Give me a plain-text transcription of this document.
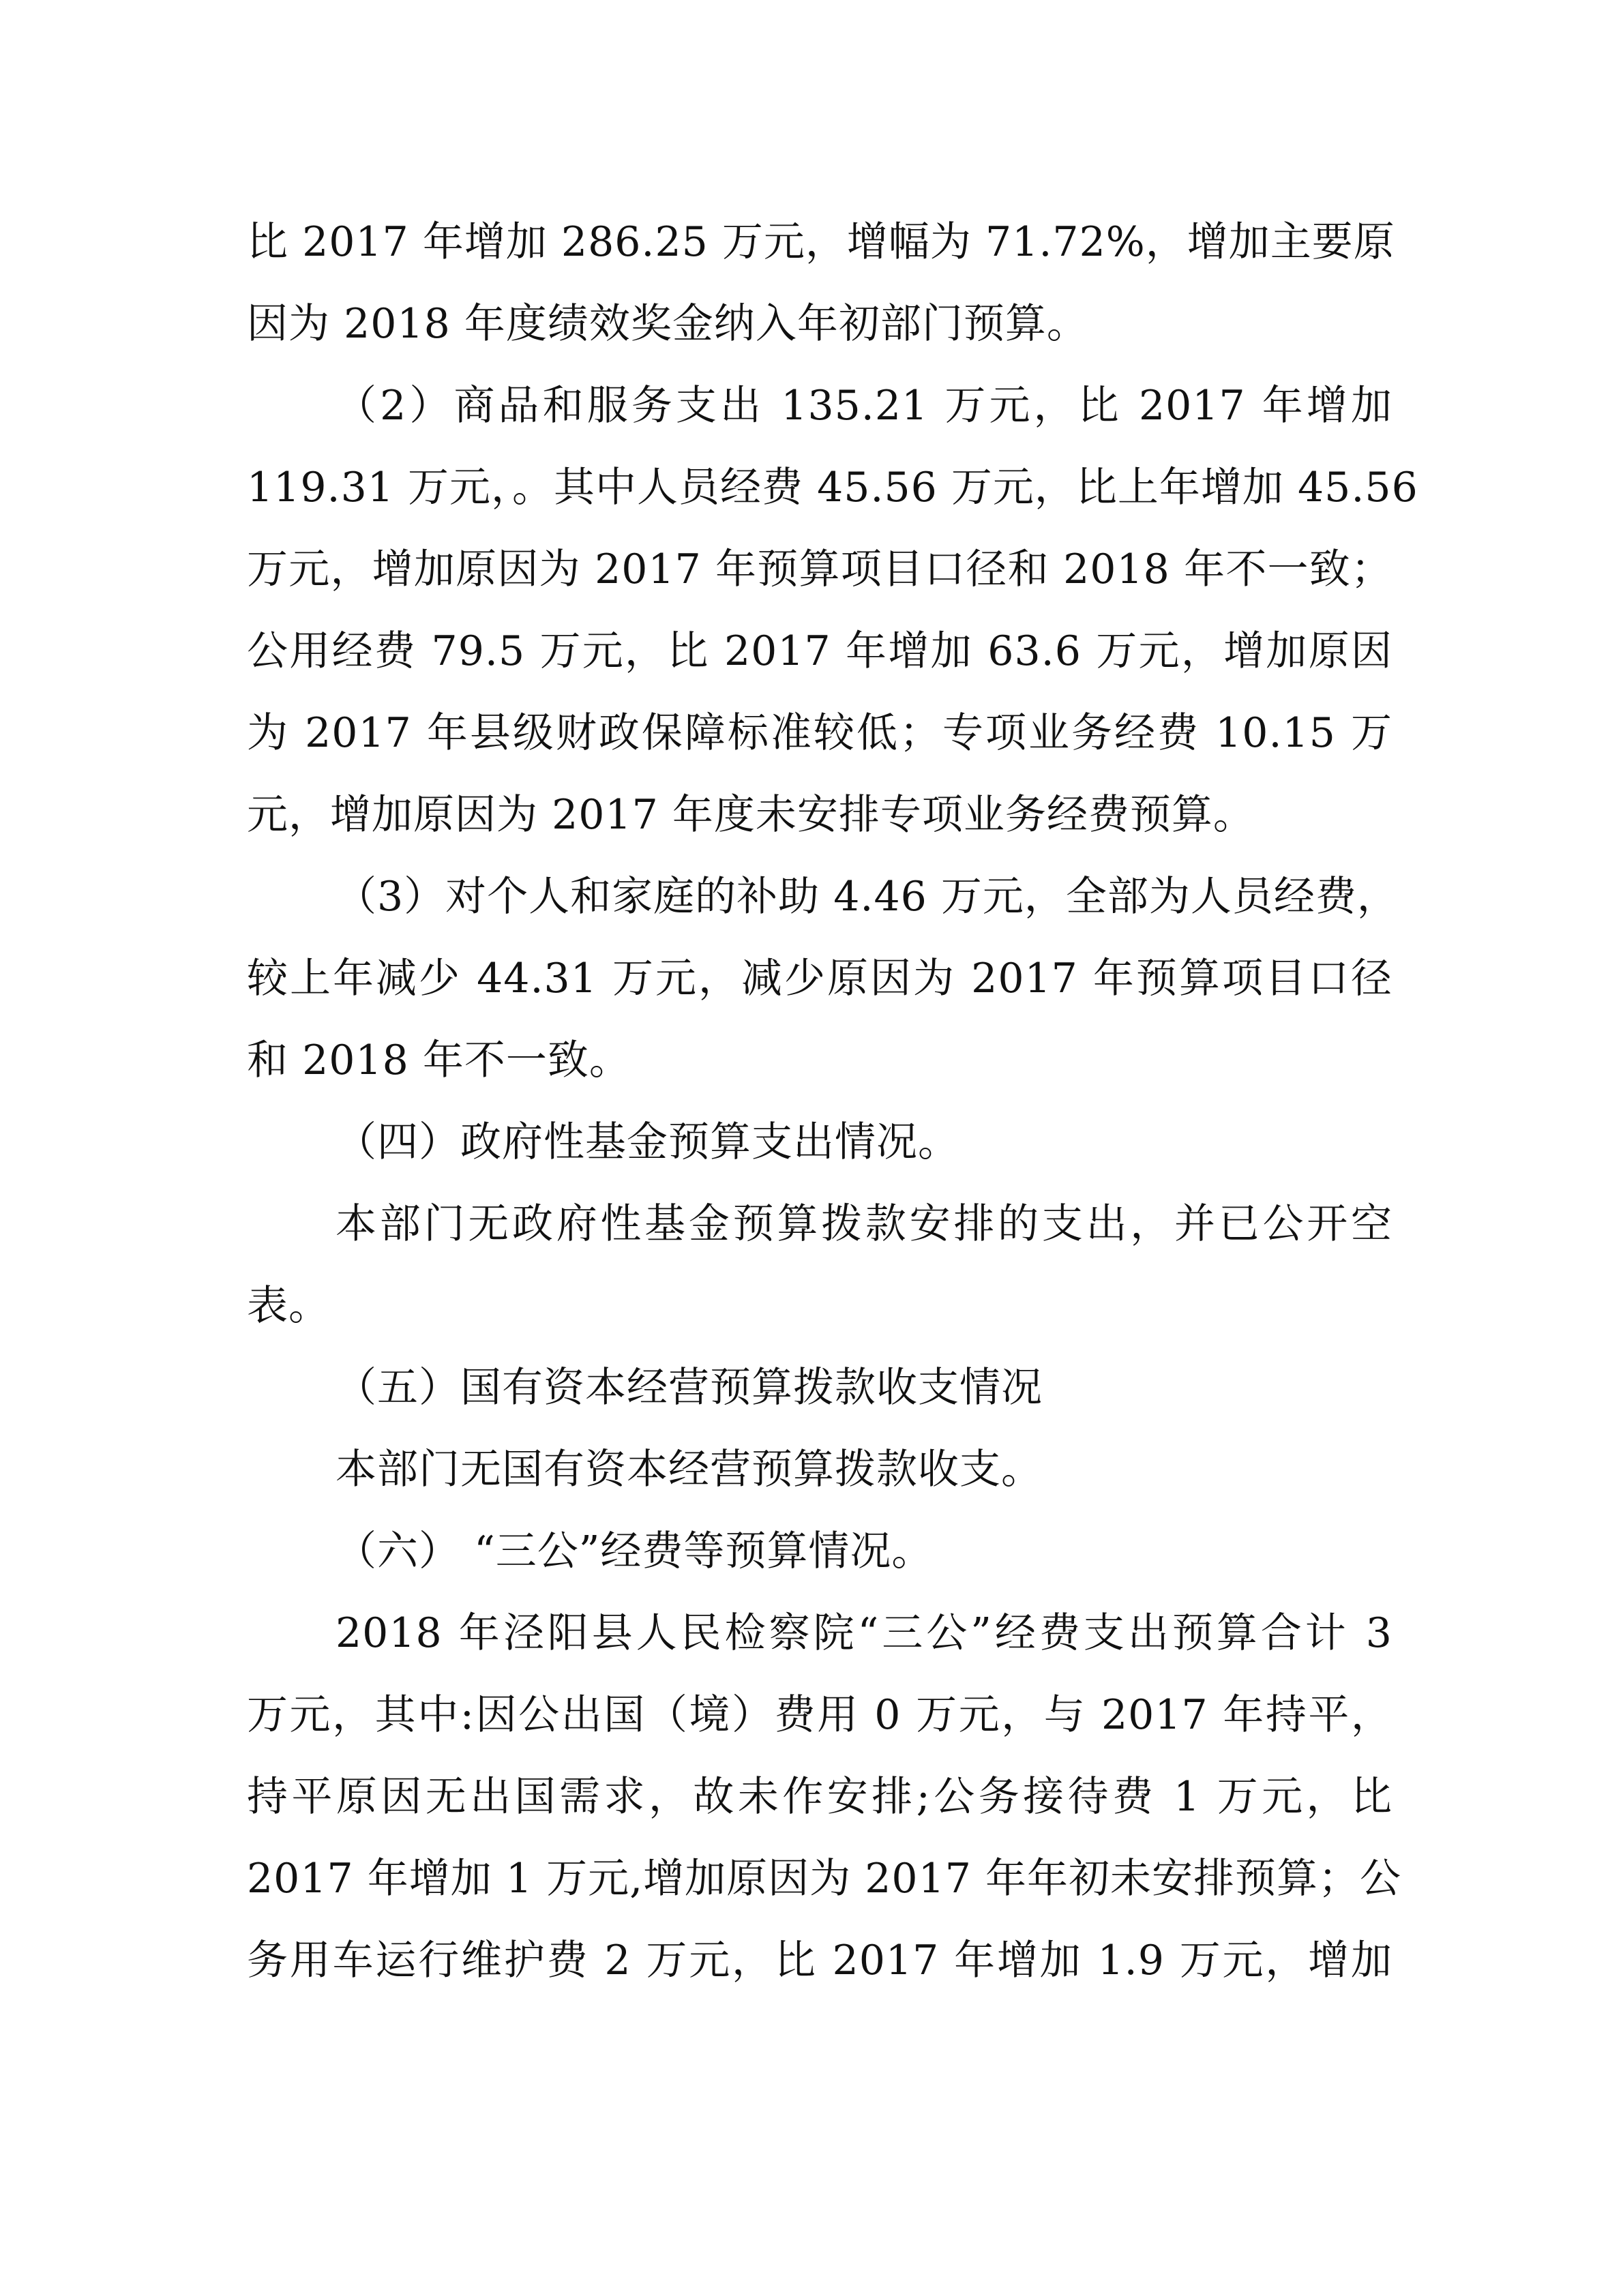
比 2017 年增加 286.25 万元，增幅为 71.72%，增加主要原
因为 2018 年度绩效奖金纳入年初部门预算。
（2）商品和服务支出 135.21 万元，比 2017 年增加
119.31 万元，。其中人员经费 45.56 万元，比上年增加 45.56
万元，增加原因为 2017 年预算项目口径和 2018 年不一致；
公用经费 79.5 万元，比 2017 年增加 63.6 万元，增加原因
为 2017 年县级财政保障标准较低；专项业务经费 10.15 万
元，增加原因为 2017 年度未安排专项业务经费预算。
（3）对个人和家庭的补助 4.46 万元，全部为人员经费，
较上年减少 44.31 万元，减少原因为 2017 年预算项目口径
和 2018 年不一致。
（四）政府性基金预算支出情况。
本部门无政府性基金预算拨款安排的支出，并已公开空
表。
（五）国有资本经营预算拨款收支情况
本部门无国有资本经营预算拨款收支。
（六） “三公”经费等预算情况。
2018 年泾阳县人民检察院“三公”经费支出预算合计 3
万元，其中:因公出国（境）费用 0 万元，与 2017 年持平，
持平原因无出国需求，故未作安排;公务接待费 1 万元，比
2017 年增加 1 万元,增加原因为 2017 年年初未安排预算；公
务用车运行维护费 2 万元，比 2017 年增加 1.9 万元，增加
